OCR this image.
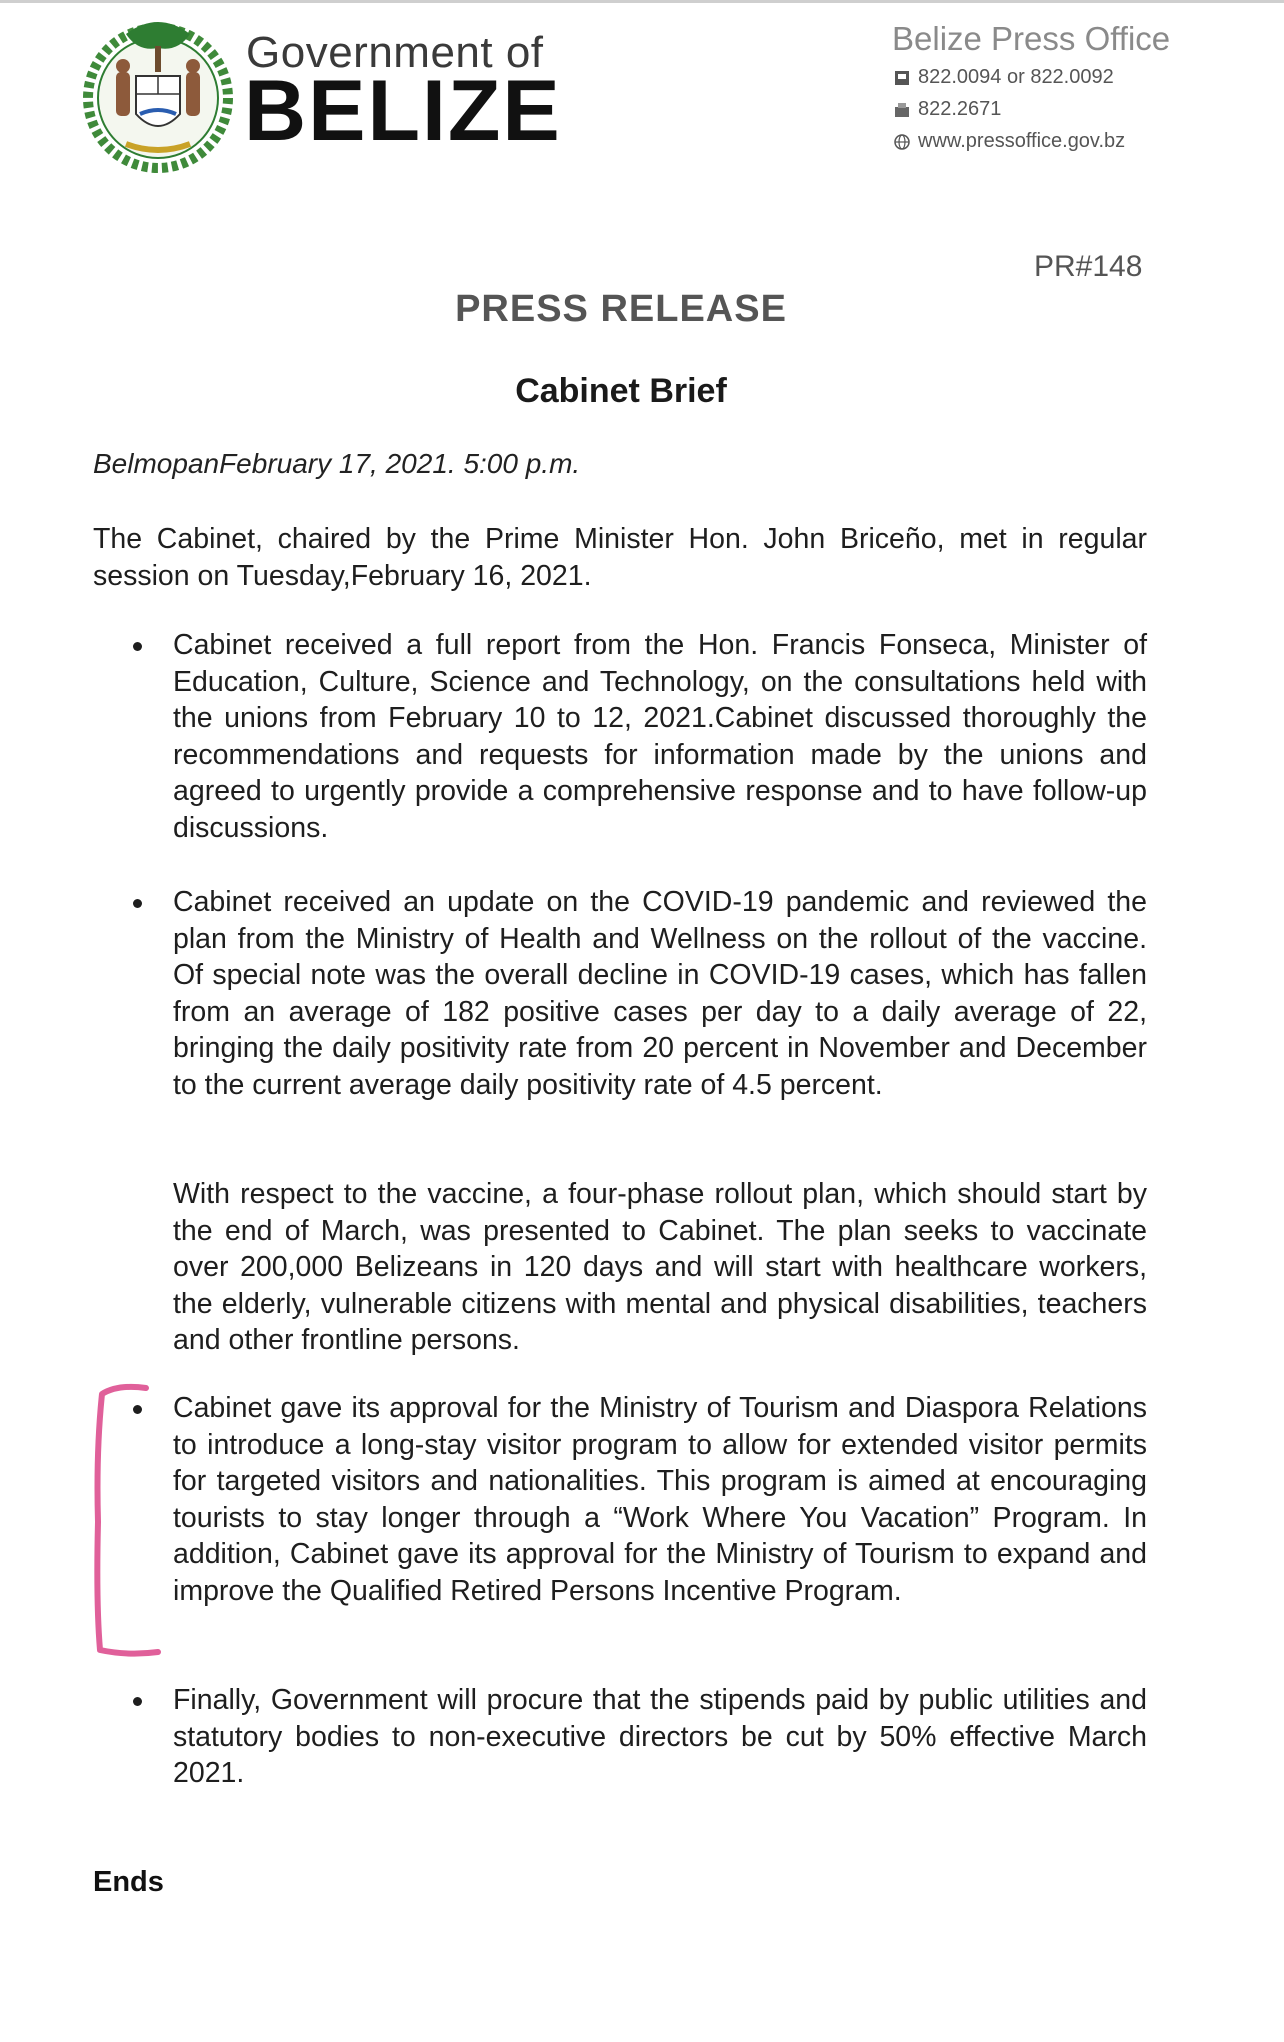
Government of
BELIZE
Belize Press Office
822.0094 or 822.0092
822.2671
www.pressoffice.gov.bz
PR#148
PRESS RELEASE
Cabinet Brief
BelmopanFebruary 17, 2021. 5:00 p.m.

The Cabinet, chaired by the Prime Minister Hon. John Briceño, met in regular session on Tuesday,February 16, 2021.

Cabinet received a full report from the Hon. Francis Fonseca, Minister of Education, Culture, Science and Technology, on the consultations held with the unions from February 10 to 12, 2021.Cabinet discussed thoroughly the recommendations and requests for information made by the unions and agreed to urgently provide a comprehensive response and to have follow-up discussions.

Cabinet received an update on the COVID-19 pandemic and reviewed the plan from the Ministry of Health and Wellness on the rollout of the vaccine. Of special note was the overall decline in COVID-19 cases, which has fallen from an average of 182 positive cases per day to a daily average of 22, bringing the daily positivity rate from 20 percent in November and December to the current average daily positivity rate of 4.5 percent.

With respect to the vaccine, a four-phase rollout plan, which should start by the end of March, was presented to Cabinet. The plan seeks to vaccinate over 200,000 Belizeans in 120 days and will start with healthcare workers, the elderly, vulnerable citizens with mental and physical disabilities, teachers and other frontline persons.

Cabinet gave its approval for the Ministry of Tourism and Diaspora Relations to introduce a long-stay visitor program to allow for extended visitor permits for targeted visitors and nationalities. This program is aimed at encouraging tourists to stay longer through a “Work Where You Vacation” Program. In addition, Cabinet gave its approval for the Ministry of Tourism to expand and improve the Qualified Retired Persons Incentive Program.

Finally, Government will procure that the stipends paid by public utilities and statutory bodies to non-executive directors be cut by 50% effective March 2021.

Ends
